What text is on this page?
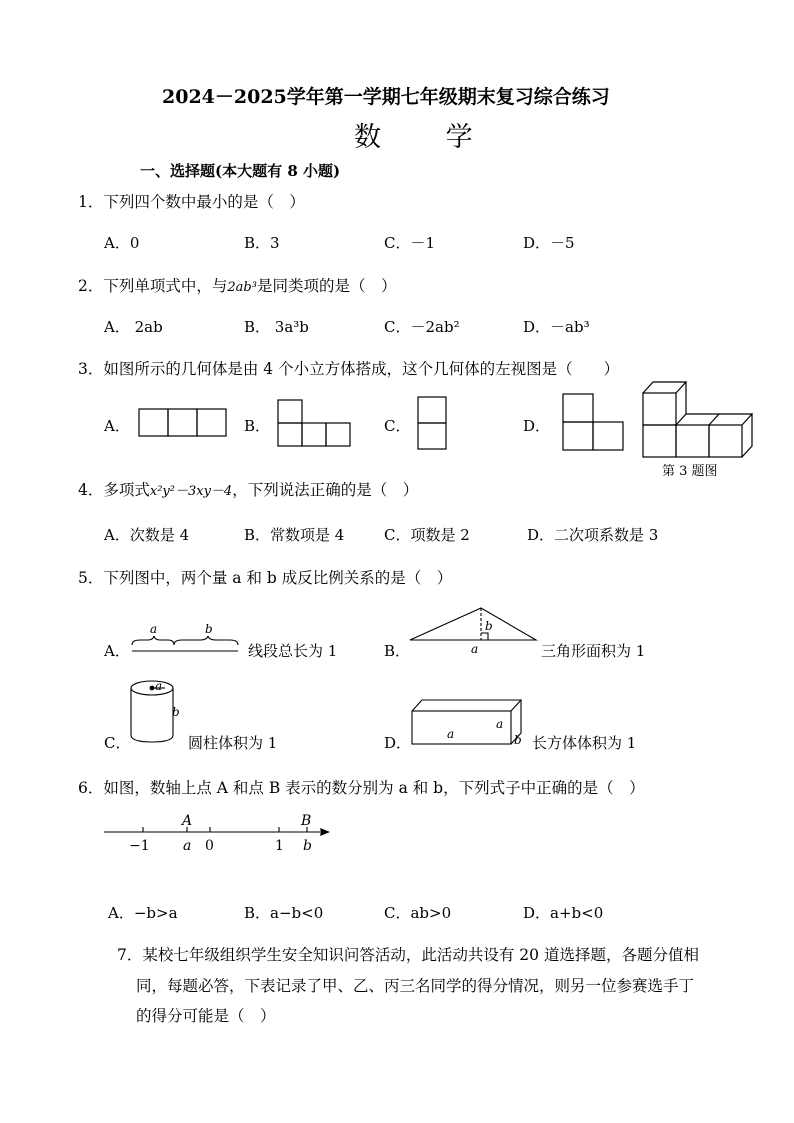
2024－2025学年第一学期七年级期末复习综合练习
数 学
一、选择题(本大题有 8 小题)
1．下列四个数中最小的是（　）
A．0	B．3	C．－1	D．－5
2．下列单项式中，与2ab³是同类项的是（　）
A． 2ab	B． 3a³b	C．－2ab²	D．－ab³
3．如图所示的几何体是由 4 个小立方体搭成，这个几何体的左视图是（　　）
A．	B．	C．	D．
第 3 题图
4．多项式x²y²－3xy－4，下列说法正确的是（　）
A．次数是 4	B．常数项是 4	C．项数是 2	D．二次项系数是 3
5．下列图中，两个量 a 和 b 成反比例关系的是（　）
A．	线段总长为 1	B．	三角形面积为 1
C．	圆柱体积为 1	D．	长方体体积为 1
a	b	b
a
a
b
a
a
b
6．如图，数轴上点 A 和点 B 表示的数分别为 a 和 b，下列式子中正确的是（　）
A	B
−1 a 0	1 b
A．−b>a	B．a−b<0	C．ab>0	D．a+b<0
7．某校七年级组织学生安全知识问答活动，此活动共设有 20 道选择题，各题分值相
同，每题必答，下表记录了甲、乙、丙三名同学的得分情况，则另一位参赛选手丁
的得分可能是（　）
